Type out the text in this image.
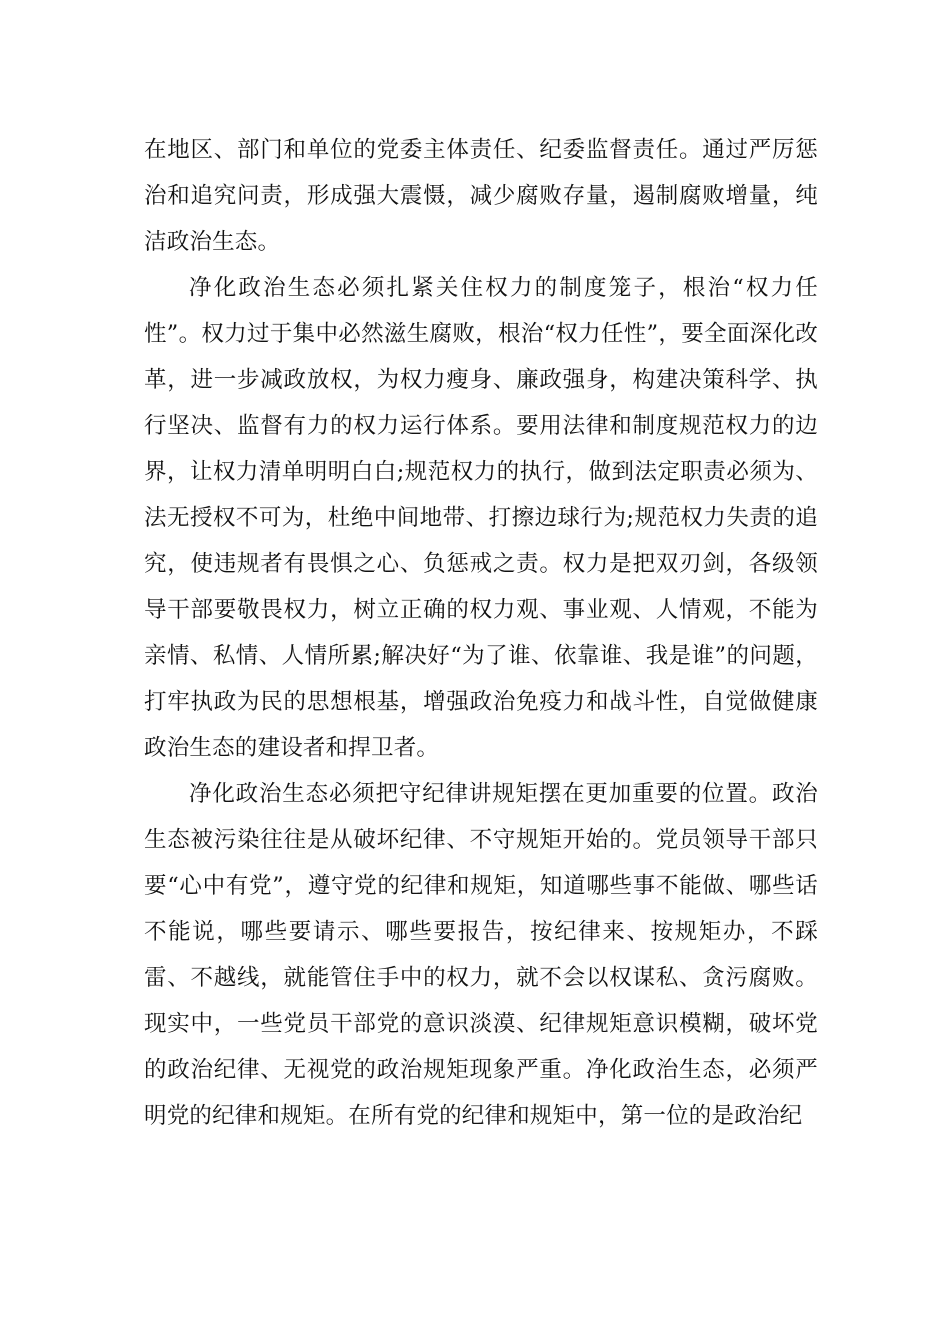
在地区、部门和单位的党委主体责任、纪委监督责任。通过严厉惩治和追究问责，形成强大震慑，减少腐败存量，遏制腐败增量，纯洁政治生态。

净化政治生态必须扎紧关住权力的制度笼子，根治“权力任性”。权力过于集中必然滋生腐败，根治“权力任性”，要全面深化改革，进一步减政放权，为权力瘦身、廉政强身，构建决策科学、执行坚决、监督有力的权力运行体系。要用法律和制度规范权力的边界，让权力清单明明白白;规范权力的执行，做到法定职责必须为、法无授权不可为，杜绝中间地带、打擦边球行为;规范权力失责的追究，使违规者有畏惧之心、负惩戒之责。权力是把双刃剑，各级领导干部要敬畏权力，树立正确的权力观、事业观、人情观，不能为亲情、私情、人情所累;解决好“为了谁、依靠谁、我是谁”的问题，打牢执政为民的思想根基，增强政治免疫力和战斗性，自觉做健康政治生态的建设者和捍卫者。

净化政治生态必须把守纪律讲规矩摆在更加重要的位置。政治生态被污染往往是从破坏纪律、不守规矩开始的。党员领导干部只要“心中有党”，遵守党的纪律和规矩，知道哪些事不能做、哪些话不能说，哪些要请示、哪些要报告，按纪律来、按规矩办，不踩雷、不越线，就能管住手中的权力，就不会以权谋私、贪污腐败。现实中，一些党员干部党的意识淡漠、纪律规矩意识模糊，破坏党的政治纪律、无视党的政治规矩现象严重。净化政治生态，必须严明党的纪律和规矩。在所有党的纪律和规矩中，第一位的是政治纪
